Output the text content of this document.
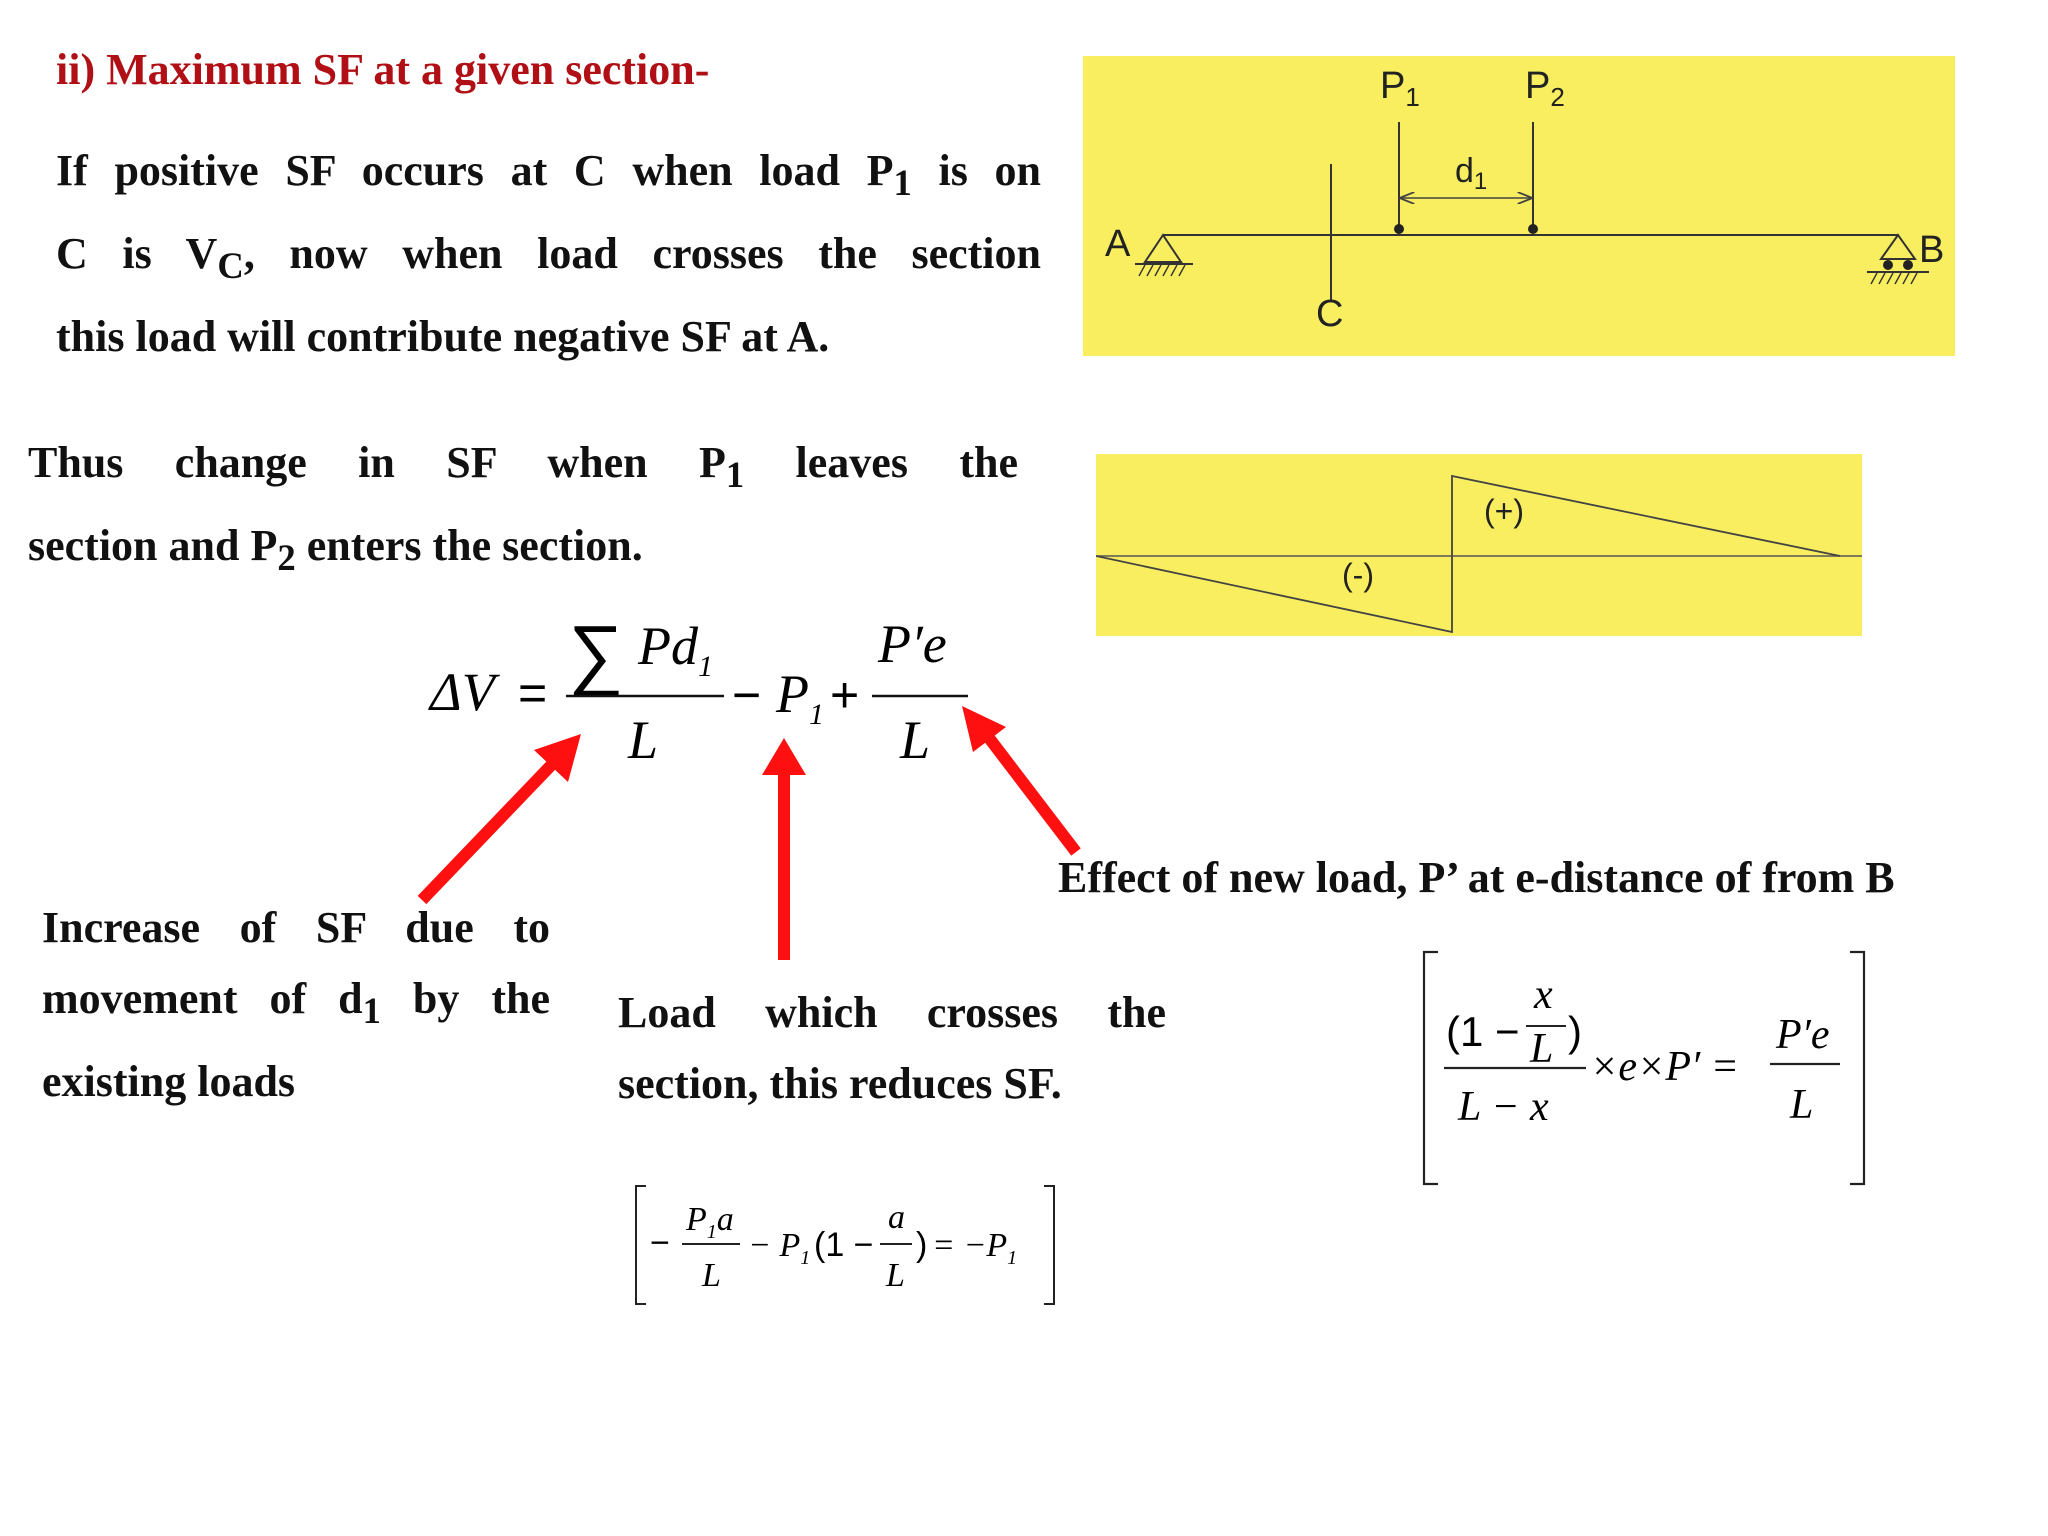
ii) Maximum SF at a given section-
If positive SF occurs at C when load $P_1$ is on
C is $V_C$, now when load crosses the section
this load will contribute negative SF at A.
A	B
C
$P_1$	$P_2$
$d_1$
Thus change in SF when $P_1$ leaves the
section and $P_2$ enters the section.
(+)
(-)
ΔV = ∑ $Pd_1$
L
− $P_1$ +
P′e
L
Effect of new load, P’ at e-distance of from B
Increase of SF due to
movement of $d_1$ by the
existing loads
Load which crosses the
section, this reduces SF.
−
$P_1a$
L
− $P_1$ (1 −
a
L
) = $-P_1$
(1 −
x
L )
L − x
×e×P′ =
P′e
L
